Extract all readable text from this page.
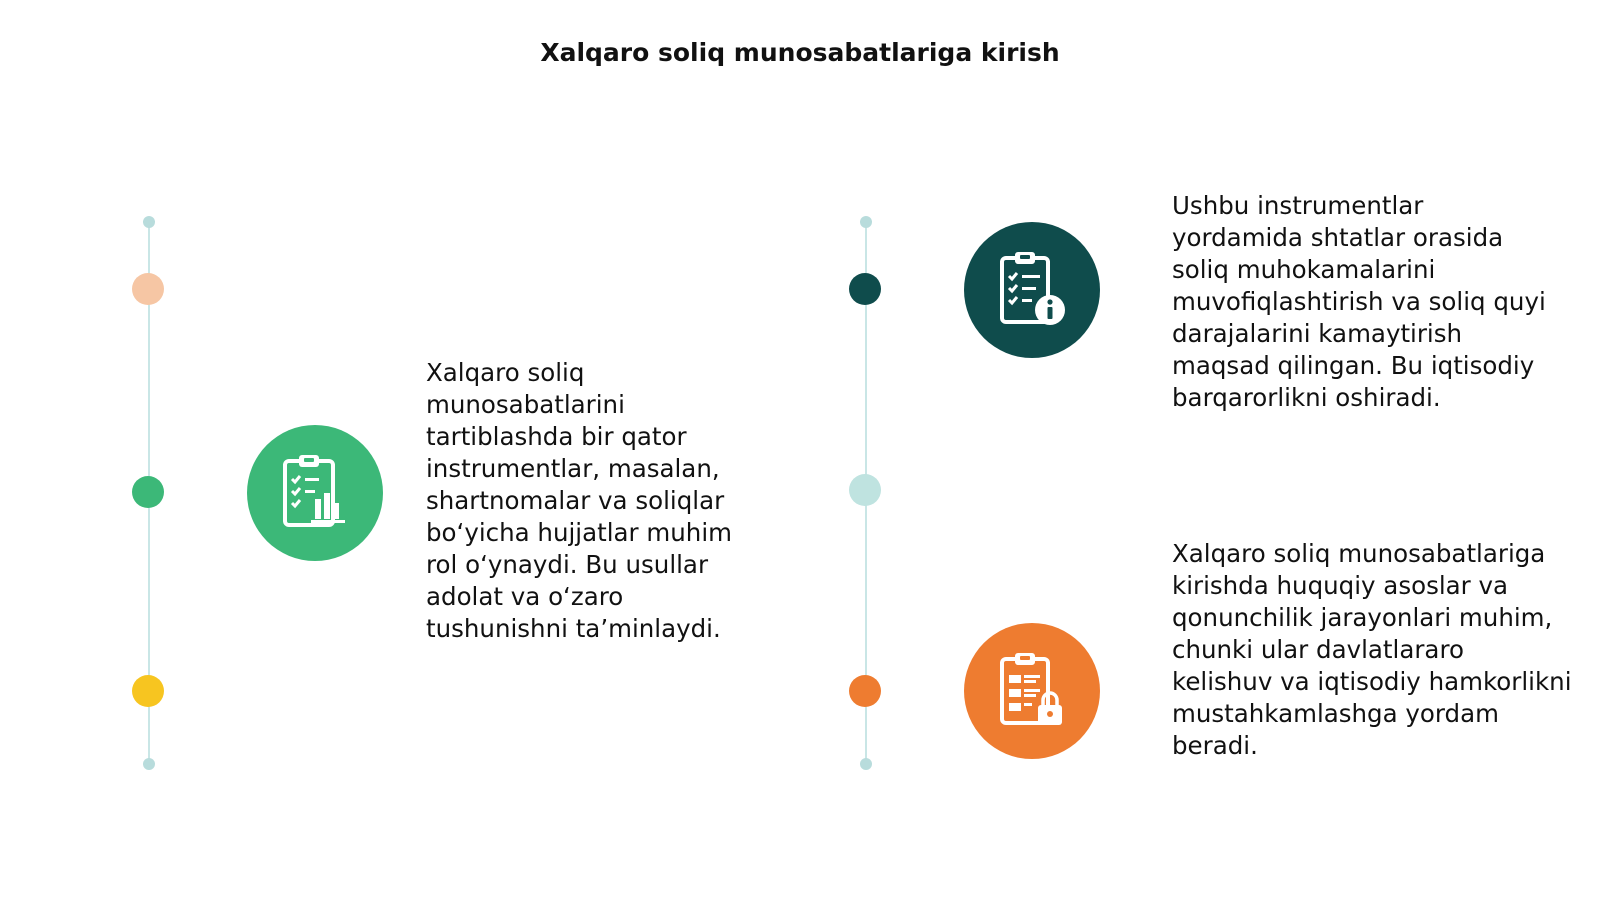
Xalqaro soliq munosabatlariga kirish
Xalqaro soliq munosabatlarini tartiblashda bir qator instrumentlar, masalan, shartnomalar va soliqlar bo‘yicha hujjatlar muhim rol o‘ynaydi. Bu usullar adolat va o‘zaro tushunishni ta’minlaydi.
Ushbu instrumentlar yordamida shtatlar orasida soliq muhokamalarini muvofiqlashtirish va soliq quyi darajalarini kamaytirish maqsad qilingan. Bu iqtisodiy barqarorlikni oshiradi.
Xalqaro soliq munosabatlariga kirishda huquqiy asoslar va qonunchilik jarayonlari muhim, chunki ular davlatlararo kelishuv va iqtisodiy hamkorlikni mustahkamlashga yordam beradi.
